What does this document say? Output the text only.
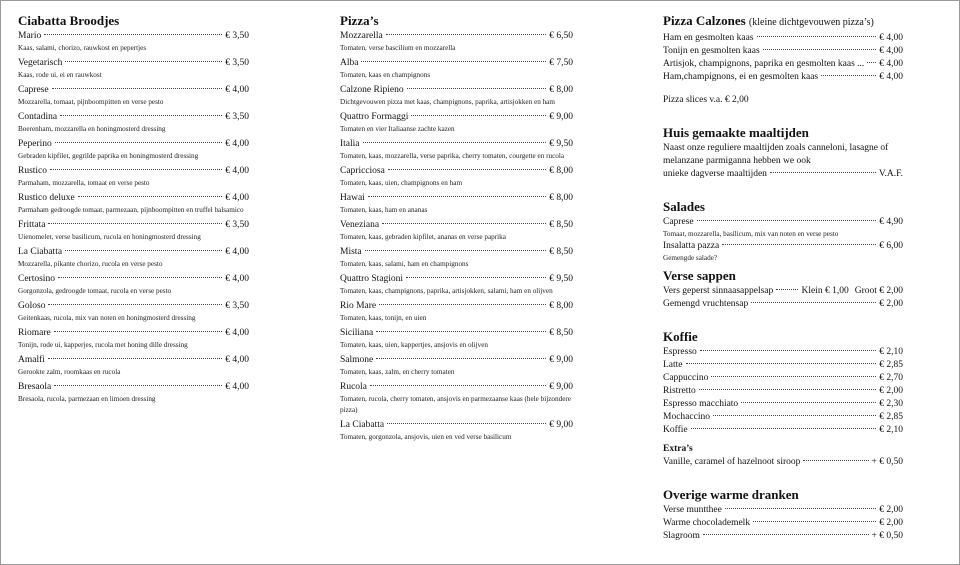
Ciabatta Broodjes
Mario	€ 3,50
Kaas, salami, chorizo, rauwkost en pepertjes
Vegetarisch	€ 3,50
Kaas, rode ui, ei en rauwkost
Caprese	€ 4,00
Mozzarella, tomaat, pijnboompitten en verse pesto
Contadina	€ 3,50
Boerenham, mozzarella en honingmosterd dressing
Peperino	€ 4,00
Gebraden kipfilet, gegrilde paprika en honingmosterd dressing
Rustico	€ 4,00
Parmaham, mozzarella, tomaat en verse pesto
Rustico deluxe	€ 4,00
Parmaham gedroogde tomaat, parmezaan, pijnboompitten en truffel balsamico
Frittata	€ 3,50
Uienomelet, verse basilicum, rucola en honingmosterd dressing
La Ciabatta	€ 4,00
Mozzarella, pikante chorizo, rucola en verse pesto
Certosino	€ 4,00
Gorgonzola, gedroogde tomaat, rucola en verse pesto
Goloso	€ 3,50
Geitenkaas, rucola, mix van noten en honingmosterd dressing
Riomare	€ 4,00
Tonijn, rode ui, kapperjes, rucola met honing dille dressing
Amalfi	€ 4,00
Gerookte zalm, roomkaas en rucola
Bresaola	€ 4,00
Bresaola, rucola, parmezaan en limoen dressing
Pizza’s
Mozzarella	€ 6,50
Tomaten, verse bascilium en mozzarella
Alba	€ 7,50
Tomaten, kaas en champignons
Calzone Ripieno	€ 8,00
Dichtgevouwen pizza met kaas, champignons, paprika, artisjokken en ham
Quattro Formaggi	€ 9,00
Tomaten en vier Italiaanse zachte kazen
Italia	€ 9,50
Tomaten, kaas, mozzarella, verse paprika, cherry tomaten, courgette en rucola
Capricciosa	€ 8,00
Tomaten, kaas, uien, champignons en ham
Hawai	€ 8,00
Tomaten, kaas, ham en ananas
Veneziana	€ 8,50
Tomaten, kaas, gebraden kipfilet, ananas en verse paprika
Mista	€ 8,50
Tomaten, kaas, salami, ham en champignons
Quattro Stagioni	€ 9,50
Tomaten, kaas, champignons, paprika, artisjokken, salami, ham en olijven
Rio Mare	€ 8,00
Tomaten, kaas, tonijn, en uien
Siciliana	€ 8,50
Tomaten, kaas, uien, kappertjes, ansjovis en olijven
Salmone	€ 9,00
Tomaten, kaas, zalm, en cherry tomaten
Rucola	€ 9,00
Tomaten, rucola, cherry tomaten, ansjovis en parmezaanse kaas (hele bijzondere pizza)
La Ciabatta	€ 9,00
Tomaten, gorgonzola, ansjovis, uien en ved verse basilicum
Pizza Calzones (kleine dichtgevouwen pizza’s)
Ham en gesmolten kaas	€ 4,00
Tonijn en gesmolten kaas	€ 4,00
Artisjok, champignons, paprika en gesmolten kaas ... € 4,00
Ham,champignons, ei en gesmolten kaas	€ 4,00
Pizza slices v.a. € 2,00
Huis gemaakte maaltijden
Naast onze reguliere maaltijden zoals canneloni, lasagne of
melanzane parmiganna hebben we ook
unieke dagverse maaltijden	V.A.F.
Salades
Caprese	€ 4,90
Tomaat, mozzarella, basilicum, mix van noten en verse pesto
Insalatta pazza	€ 6,00
Gemengde salade?
Verse sappen
Vers geperst sinnaasappelsap	Klein € 1,00 Groot € 2,00
Gemengd vruchtensap	€ 2,00
Koffie
Espresso	€ 2,10
Latte	€ 2,85
Cappuccino	€ 2,70
Ristretto	€ 2,00
Espresso macchiato	€ 2,30
Mochaccino	€ 2,85
Koffie	€ 2,10
Extra’s
Vanille, caramel of hazelnoot siroop	+ € 0,50
Overige warme dranken
Verse muntthee	€ 2,00
Warme chocolademelk	€ 2,00
Slagroom	+ € 0,50
